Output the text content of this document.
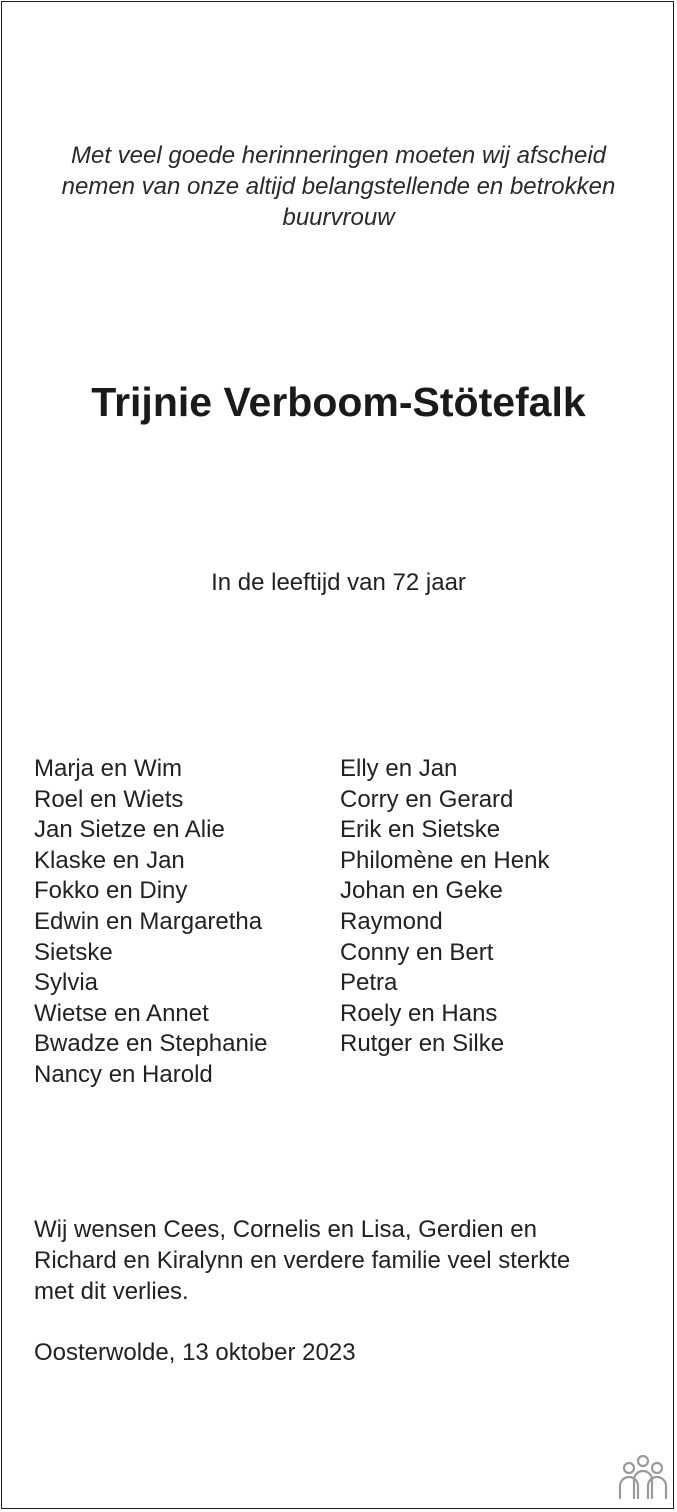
Met veel goede herinneringen moeten wij afscheid
nemen van onze altijd belangstellende en betrokken
buurvrouw
Trijnie Verboom-Stötefalk
In de leeftijd van 72 jaar
Marja en Wim
Roel en Wiets
Jan Sietze en Alie
Klaske en Jan
Fokko en Diny
Edwin en Margaretha
Sietske
Sylvia
Wietse en Annet
Bwadze en Stephanie
Nancy en Harold
Elly en Jan
Corry en Gerard
Erik en Sietske
Philomène en Henk
Johan en Geke
Raymond
Conny en Bert
Petra
Roely en Hans
Rutger en Silke
Wij wensen Cees, Cornelis en Lisa, Gerdien en
Richard en Kiralynn en verdere familie veel sterkte
met dit verlies.
Oosterwolde, 13 oktober 2023
